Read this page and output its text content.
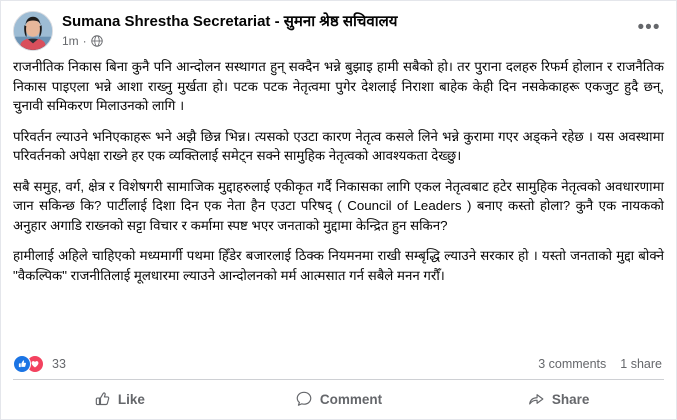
Sumana Shrestha Secretariat - सुमना श्रेष्ठ सचिवालय
1m ·
•••

राजनीतिक निकास बिना कुनै पनि आन्दोलन सस्थागत हुन् सक्दैन भन्ने बुझाइ हामी सबैको हो। तर पुराना दलहरु रिफर्म होलान र राजनैतिक निकास पाइएला भन्ने आशा राख्नु मुर्खता हो। पटक पटक नेतृत्वमा पुगेर देशलाई निराशा बाहेक केही दिन नसकेकाहरू एकजुट हुदै छन्, चुनावी समिकरण मिलाउनको लागि ।

परिवर्तन ल्याउने भनिएकाहरू भने अझै छिन्न भिन्न। त्यसको एउटा कारण नेतृत्व कसले लिने भन्ने कुरामा गएर अड्कने रहेछ । यस अवस्थामा परिवर्तनको अपेक्षा राख्ने हर एक व्यक्तिलाई समेट्न सक्ने सामुहिक नेतृत्वको आवश्यकता देख्छु।

सबै समुह, वर्ग, क्षेत्र र विशेषगरी सामाजिक मुद्दाहरुलाई एकीकृत गर्दै निकासका लागि एकल नेतृत्वबाट हटेर सामुहिक नेतृत्वको अवधारणामा जान सकिन्छ कि? पार्टीलाई दिशा दिन एक नेता हैन एउटा परिषद् ( Council of Leaders ) बनाए कस्तो होला? कुनै एक नायकको अनुहार अगाडि राख्नको सट्टा विचार र कर्मामा स्पष्ट भएर जनताको मुद्दामा केन्द्रित हुन सकिन?

हामीलाई अहिले चाहिएको मध्यमार्गी पथमा हिँडेर बजारलाई ठिक्क नियमनमा राखी सम्बृद्धि ल्याउने सरकार हो । यस्तो जनताको मुद्दा बोक्ने "वैकल्पिक" राजनीतिलाई मूलधारमा ल्याउने आन्दोलनको मर्म आत्मसात गर्न सबैले मनन गरौँ।

33	3 comments 1 share
Like	Comment	Share
